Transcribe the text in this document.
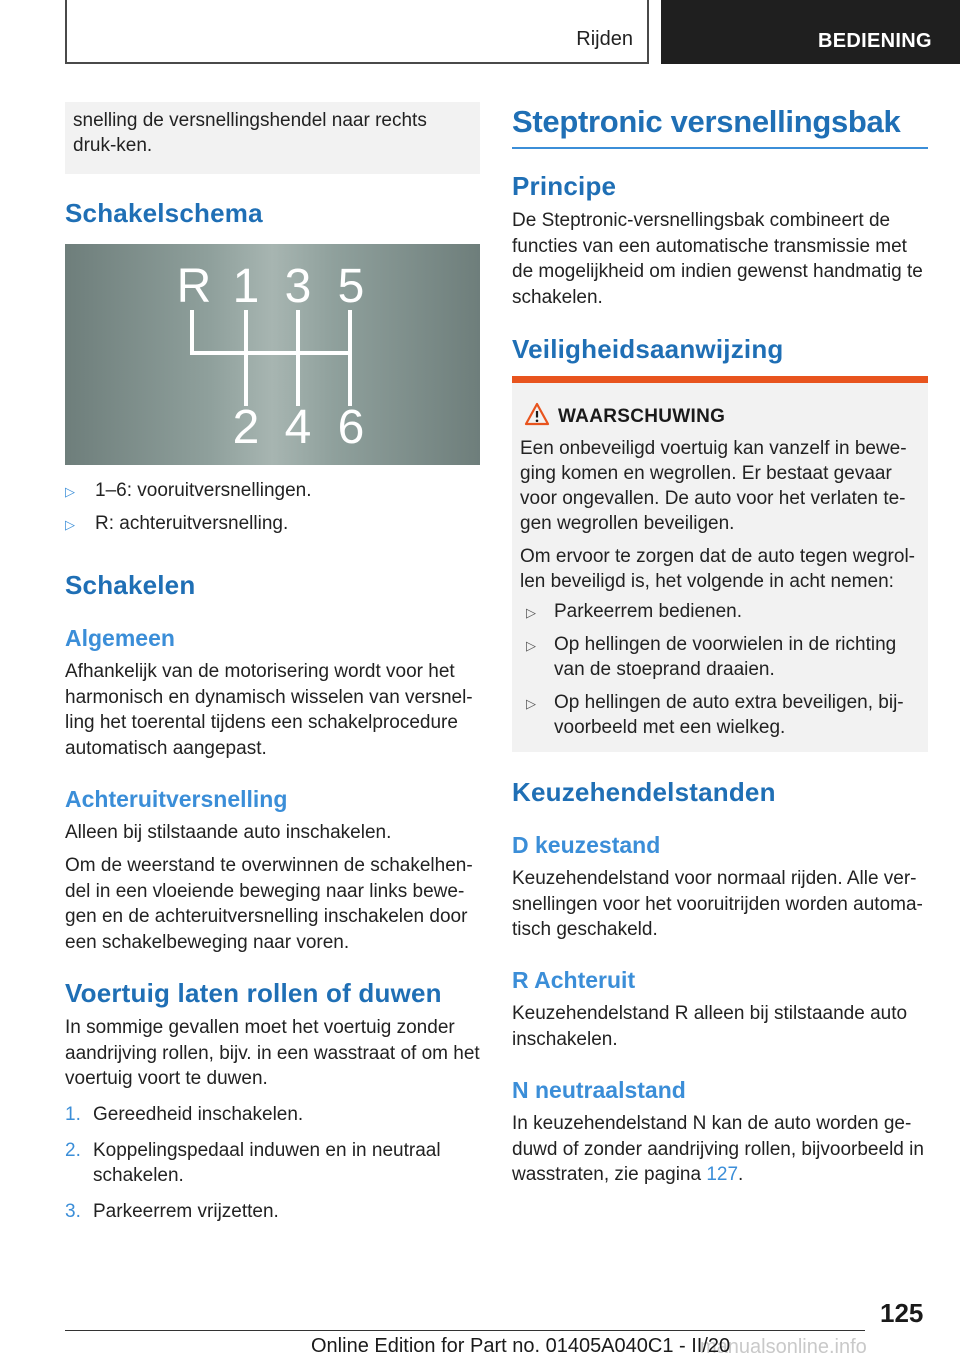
Rijden	BEDIENING

snelling de versnellingshendel naar rechts druk-ken.

Schakelschema
R 1 3 5
2 4 6
▷ 1–6: vooruitversnellingen.
▷ R: achteruitversnelling.
Schakelen
Algemeen

Afhankelijk van de motorisering wordt voor het harmonisch en dynamisch wisselen van versnel-ling het toerental tijdens een schakelprocedure automatisch aangepast.

Achteruitversnelling

Alleen bij stilstaande auto inschakelen.

Om de weerstand te overwinnen de schakelhen-del in een vloeiende beweging naar links bewe-gen en de achteruitversnelling inschakelen door een schakelbeweging naar voren.

Voertuig laten rollen of duwen

In sommige gevallen moet het voertuig zonder aandrijving rollen, bijv. in een wasstraat of om het voertuig voort te duwen.

1. Gereedheid inschakelen.
2. Koppelingspedaal induwen en in neutraal schakelen.
3. Parkeerrem vrijzetten.
Steptronic versnellingsbak
Principe

De Steptronic-versnellingsbak combineert de functies van een automatische transmissie met de mogelijkheid om indien gewenst handmatig te schakelen.

Veiligheidsaanwijzing
WAARSCHUWING

Een onbeveiligd voertuig kan vanzelf in bewe-ging komen en wegrollen. Er bestaat gevaar voor ongevallen. De auto voor het verlaten te-gen wegrollen beveiligen.

Om ervoor te zorgen dat de auto tegen wegrol-len beveiligd is, het volgende in acht nemen:

▷ Parkeerrem bedienen.
▷ Op hellingen de voorwielen in de richting van de stoeprand draaien.
▷ Op hellingen de auto extra beveiligen, bij-voorbeeld met een wielkeg.
Keuzehendelstanden
D keuzestand

Keuzehendelstand voor normaal rijden. Alle ver-snellingen voor het vooruitrijden worden automa-tisch geschakeld.

R Achteruit

Keuzehendelstand R alleen bij stilstaande auto inschakelen.

N neutraalstand

In keuzehendelstand N kan de auto worden ge-duwd of zonder aandrijving rollen, bijvoorbeeld in wasstraten, zie pagina 127.

125
manualsonline.info
Online Edition for Part no. 01405A040C1 - II/20
